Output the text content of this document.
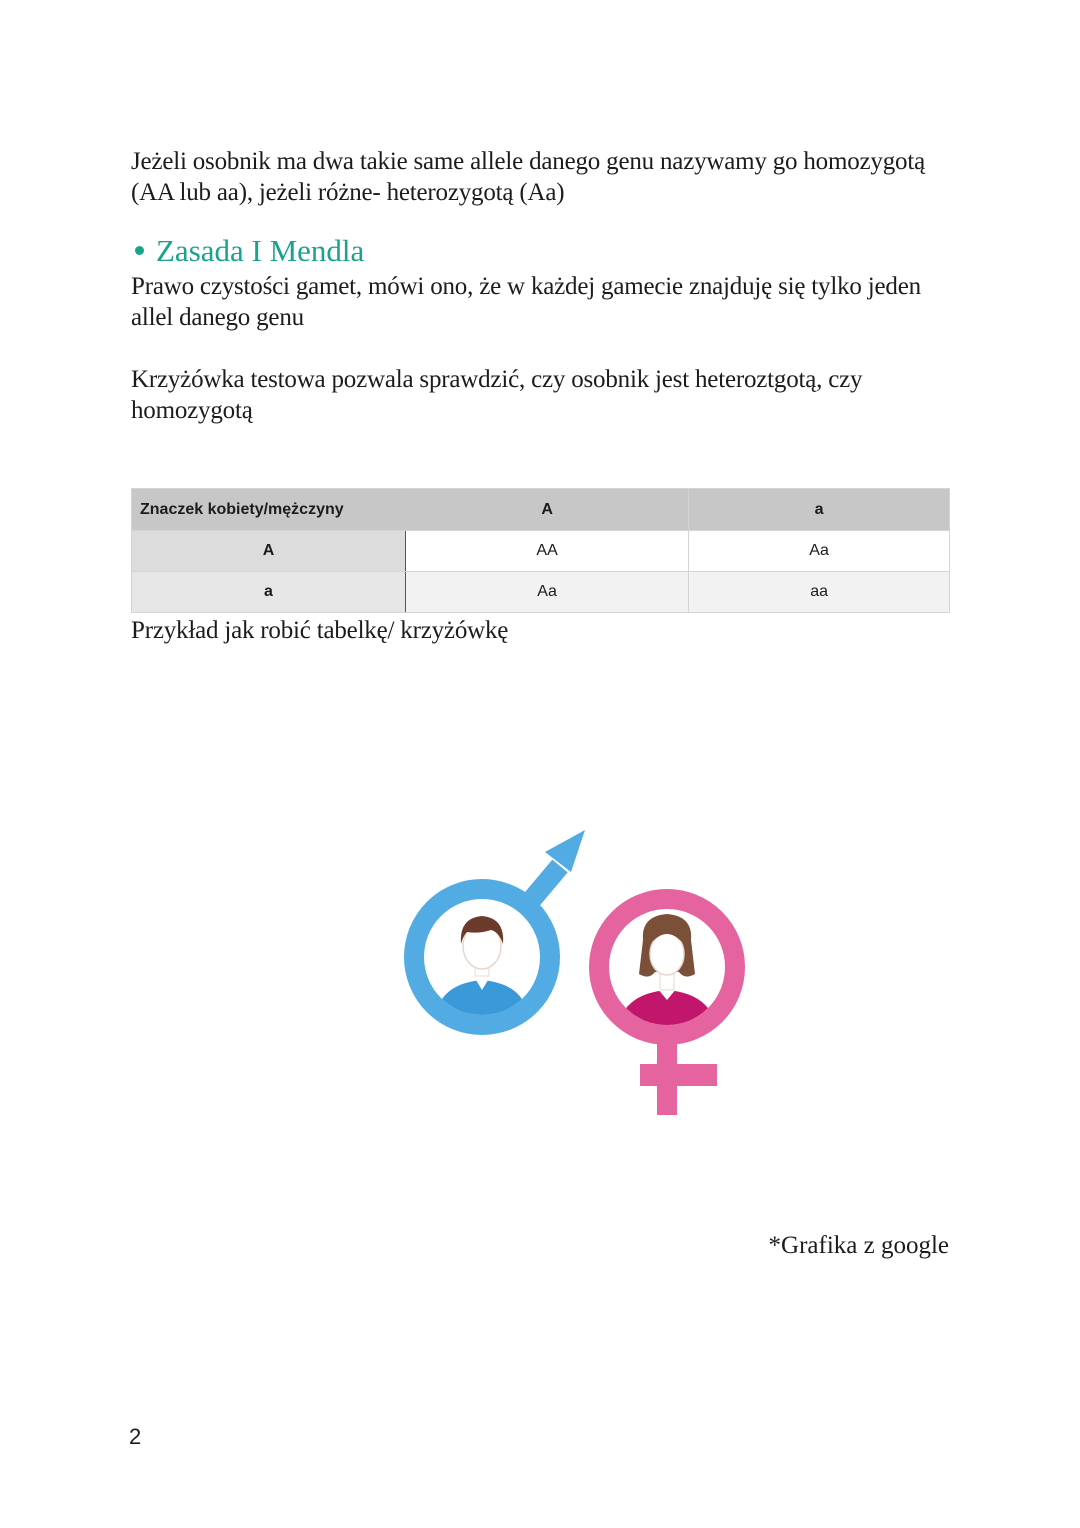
Jeżeli osobnik ma dwa takie same allele danego genu nazywamy go homozygotą (AA lub aa), jeżeli różne- heterozygotą (Aa)

Zasada I Mendla

Prawo czystości gamet, mówi ono, że w każdej gamecie znajduję się tylko jeden allel danego genu

Krzyżówka testowa pozwala sprawdzić, czy osobnik jest heteroztgotą, czy homozygotą

Znaczek kobiety/mężczyny	A	a
A	AA	Aa
a	Aa	aa

Przykład jak robić tabelkę/ krzyżówkę

*Grafika z google

2
